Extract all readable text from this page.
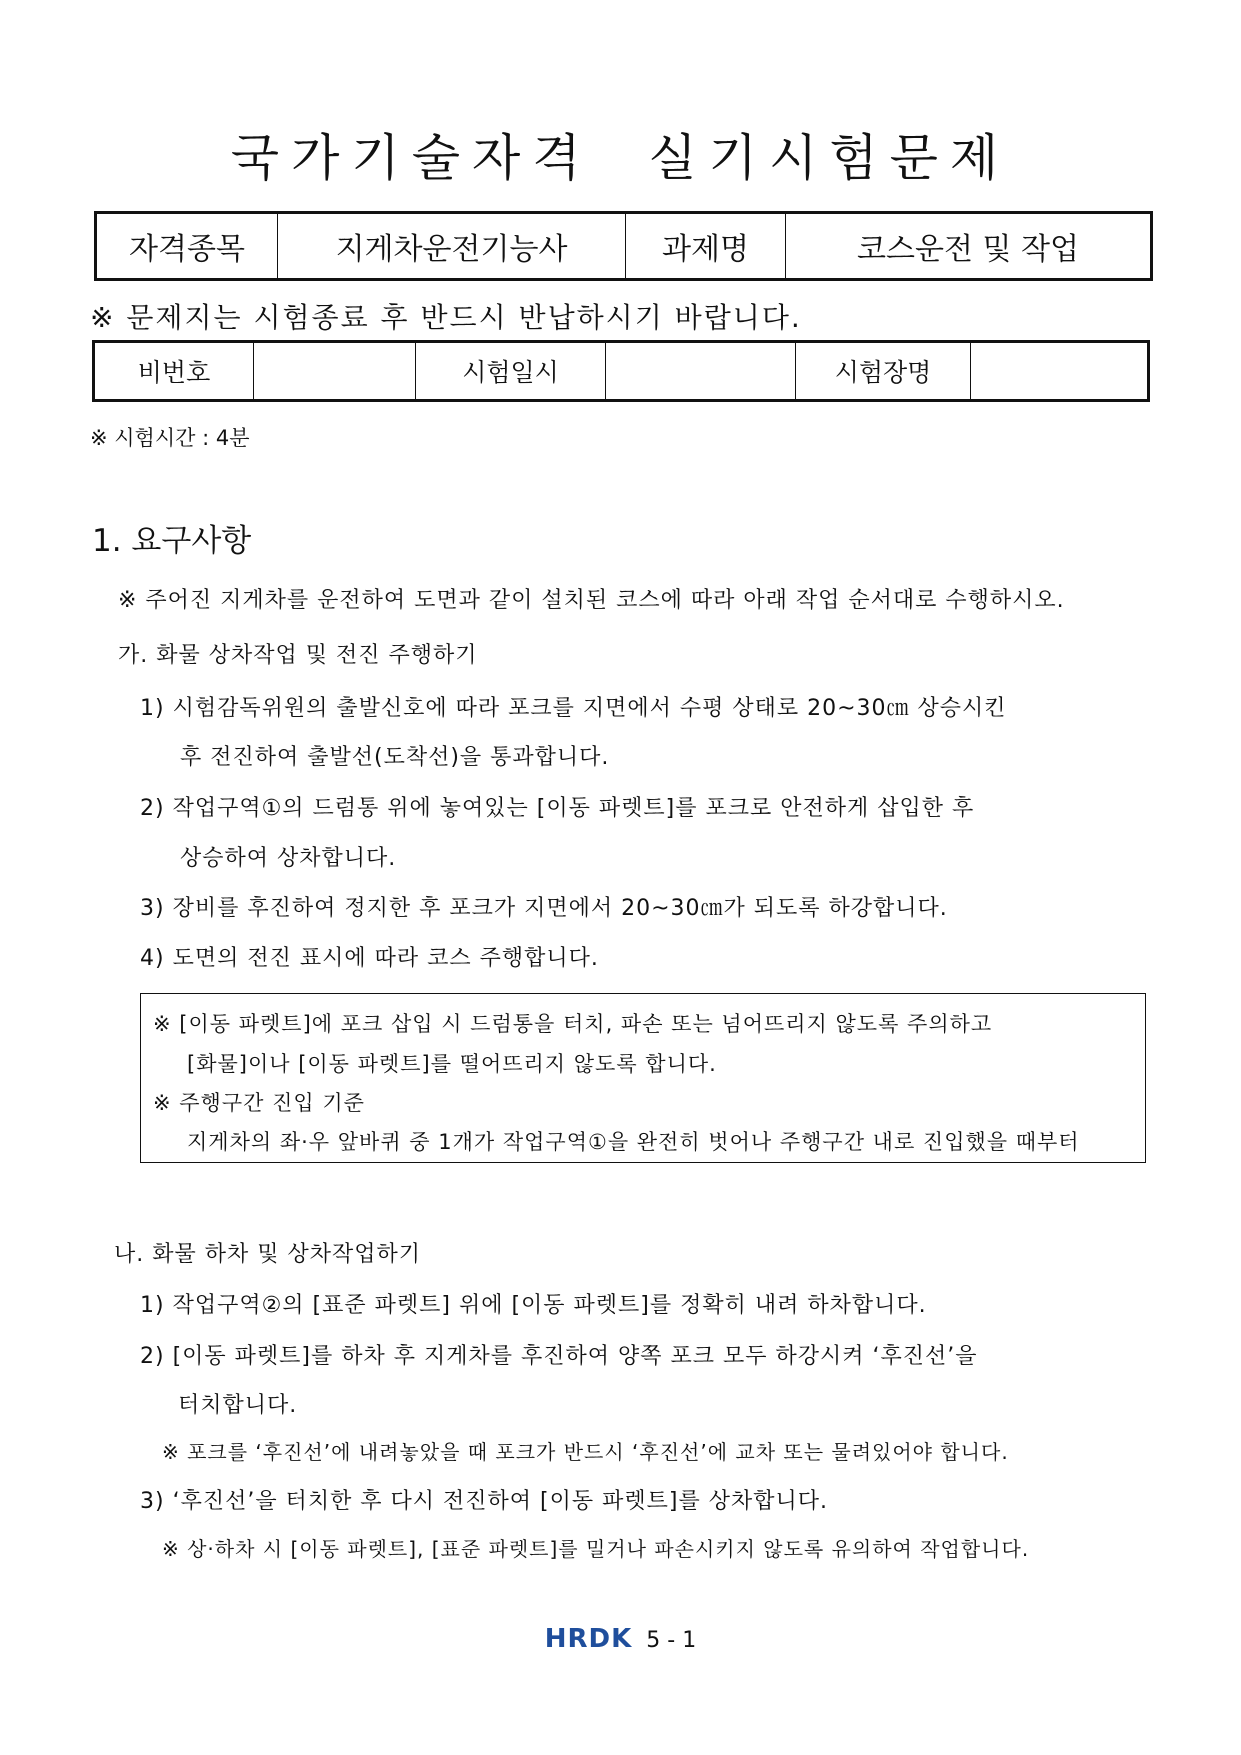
국가기술자격  실기시험문제
자격종목	지게차운전기능사	과제명	코스운전 및 작업
※ 문제지는 시험종료 후 반드시 반납하시기 바랍니다.
비번호		시험일시		시험장명	
※ 시험시간 : 4분
1. 요구사항
※ 주어진 지게차를 운전하여 도면과 같이 설치된 코스에 따라 아래 작업 순서대로 수행하시오.
가. 화물 상차작업 및 전진 주행하기
1) 시험감독위원의 출발신호에 따라 포크를 지면에서 수평 상태로 20~30㎝ 상승시킨
후 전진하여 출발선(도착선)을 통과합니다.
2) 작업구역①의 드럼통 위에 놓여있는 [이동 파렛트]를 포크로 안전하게 삽입한 후
상승하여 상차합니다.
3) 장비를 후진하여 정지한 후 포크가 지면에서 20~30㎝가 되도록 하강합니다.
4) 도면의 전진 표시에 따라 코스 주행합니다.
※ [이동 파렛트]에 포크 삽입 시 드럼통을 터치, 파손 또는 넘어뜨리지 않도록 주의하고
[화물]이나 [이동 파렛트]를 떨어뜨리지 않도록 합니다.
※ 주행구간 진입 기준
지게차의 좌·우 앞바퀴 중 1개가 작업구역①을 완전히 벗어나 주행구간 내로 진입했을 때부터
나. 화물 하차 및 상차작업하기
1) 작업구역②의 [표준 파렛트] 위에 [이동 파렛트]를 정확히 내려 하차합니다.
2) [이동 파렛트]를 하차 후 지게차를 후진하여 양쪽 포크 모두 하강시켜 ‘후진선’을
터치합니다.
※ 포크를 ‘후진선’에 내려놓았을 때 포크가 반드시 ‘후진선’에 교차 또는 물려있어야 합니다.
3) ‘후진선’을 터치한 후 다시 전진하여 [이동 파렛트]를 상차합니다.
※ 상·하차 시 [이동 파렛트], [표준 파렛트]를 밀거나 파손시키지 않도록 유의하여 작업합니다.
HRDK 5 - 1
